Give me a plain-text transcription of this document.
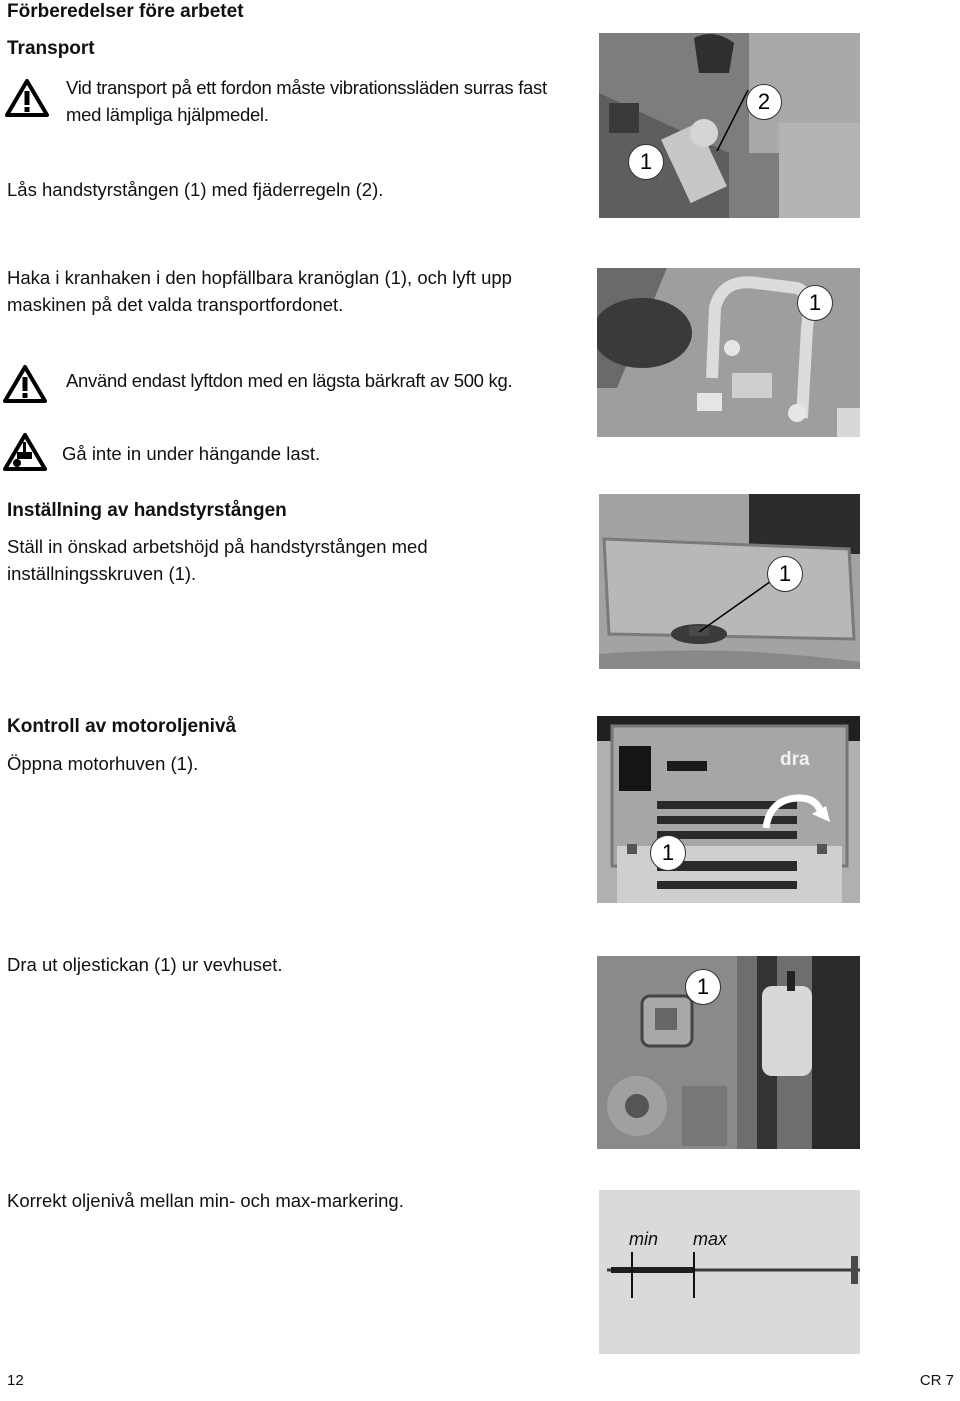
Förberedelser före arbetet
Transport
Vid transport på ett fordon måste vibrationssläden surras fast med lämpliga hjälpmedel.
Lås handstyrstången (1) med fjäderregeln (2).
2
1
Haka i kranhaken i den hopfällbara kranöglan (1), och lyft upp maskinen på det valda transportfordonet.
Använd endast lyftdon med en lägsta bärkraft av 500 kg.
Gå inte in under hängande last.
1
Inställning av handstyrstången
Ställ in önskad arbetshöjd på handstyrstången med inställningsskruven (1).	1
Kontroll av motoroljenivå
Öppna motorhuven (1).	dra
1
Dra ut oljestickan (1) ur vevhuset.
1
Korrekt oljenivå mellan min- och max-markering.
min max
12	CR 7
